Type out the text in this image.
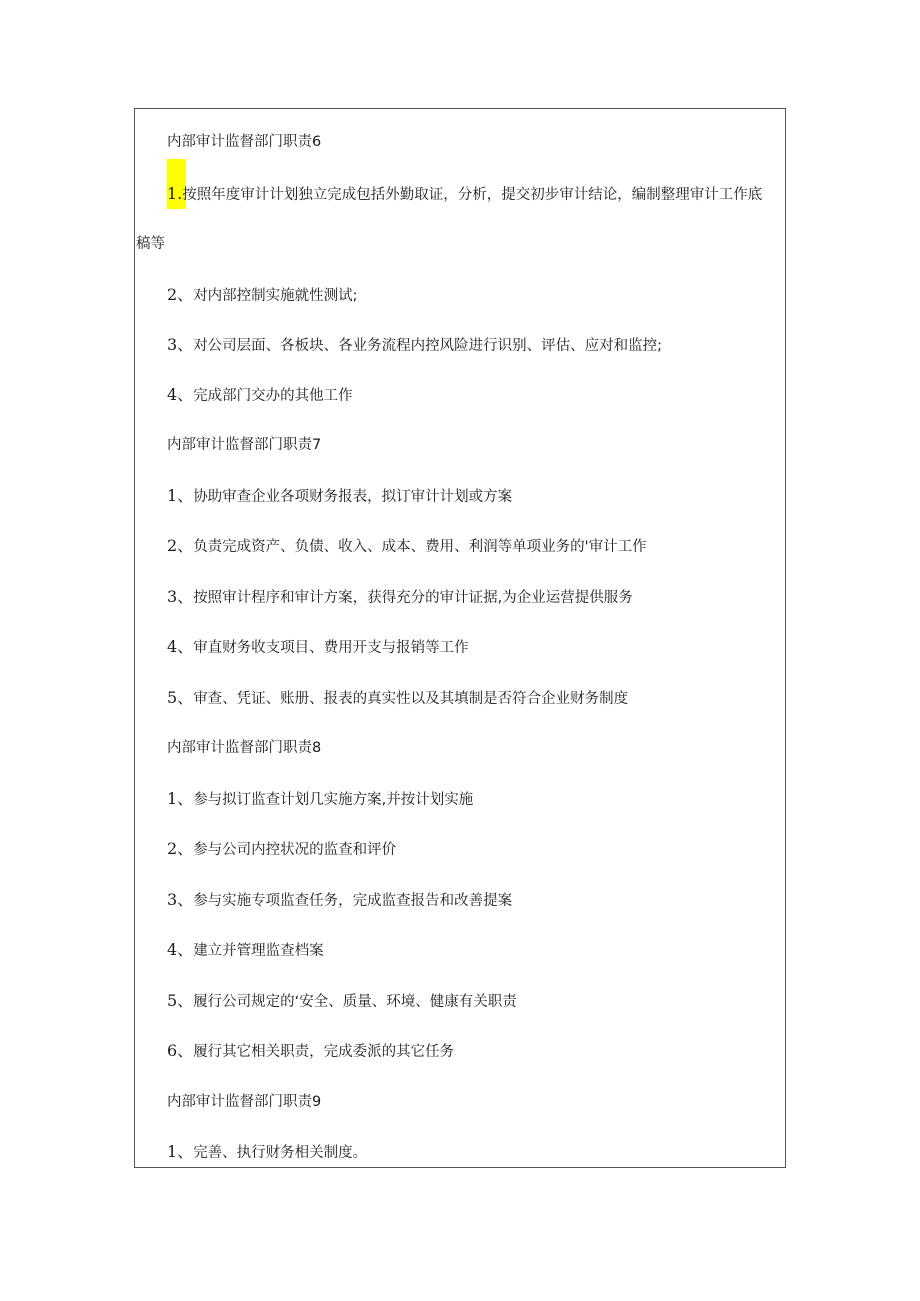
内部审计监督部门职责6
1.按照年度审计计划独立完成包括外勤取证，分析，提交初步审计结论，编制整理审计工作底
稿等
2、对内部控制实施就性测试;
3、对公司层面、各板块、各业务流程内控风险进行识别、评估、应对和监控;
4、完成部门交办的其他工作
内部审计监督部门职责7
1、协助审查企业各项财务报表，拟订审计计划或方案
2、负责完成资产、负债、收入、成本、费用、利润等单项业务的'审计工作
3、按照审计程序和审计方案，获得充分的审计证据,为企业运营提供服务
4、审直财务收支项目、费用开支与报销等工作
5、审查、凭证、账册、报表的真实性以及其填制是否符合企业财务制度
内部审计监督部门职责8
1、参与拟订监查计划几实施方案,并按计划实施
2、参与公司内控状况的监查和评价
3、参与实施专项监查任务，完成监查报告和改善提案
4、建立并管理监查档案
5、履行公司规定的‘安全、质量、环境、健康有关职责
6、履行其它相关职责，完成委派的其它任务
内部审计监督部门职责9
1、完善、执行财务相关制度。
